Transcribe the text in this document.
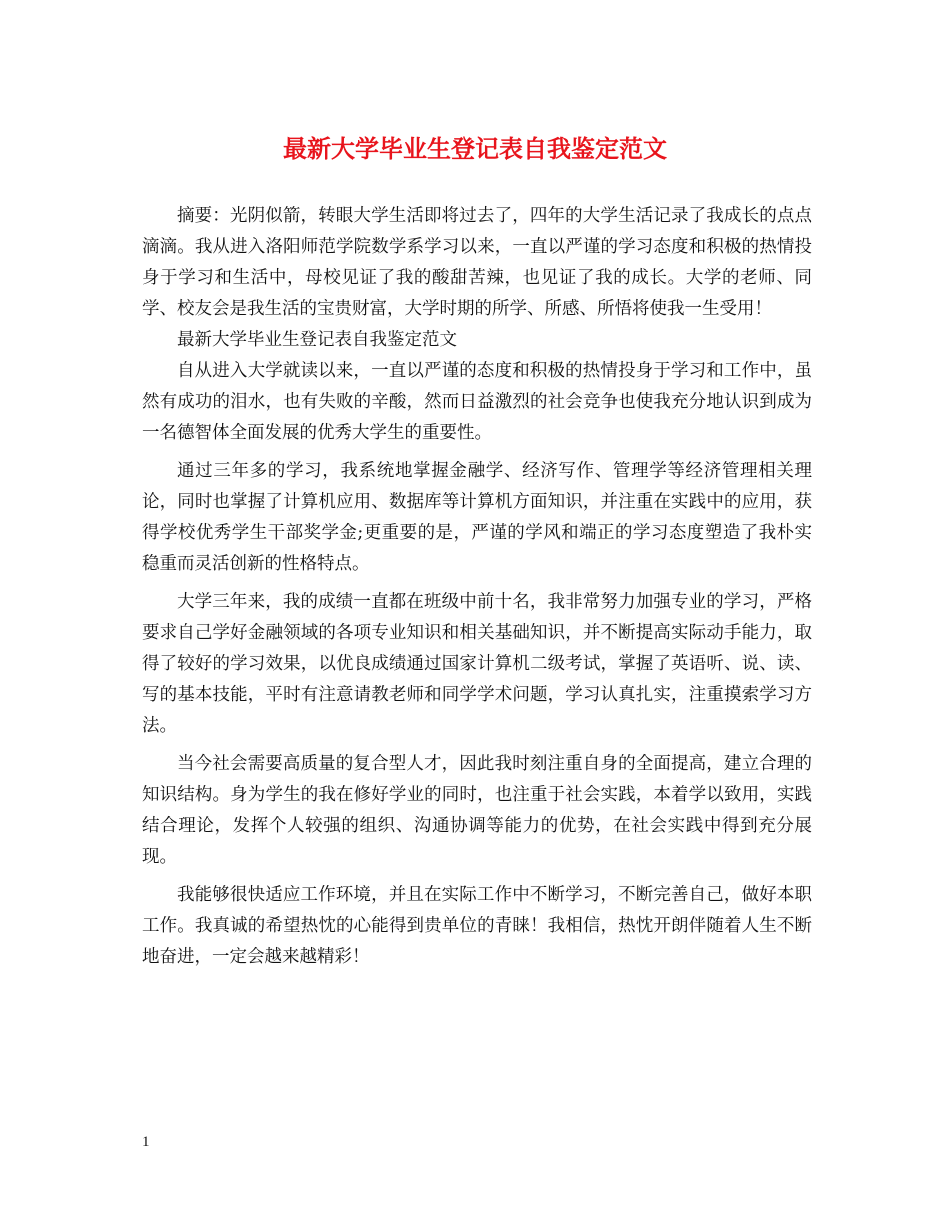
最新大学毕业生登记表自我鉴定范文

摘要：光阴似箭，转眼大学生活即将过去了，四年的大学生活记录了我成长的点点滴滴。我从进入洛阳师范学院数学系学习以来，一直以严谨的学习态度和积极的热情投身于学习和生活中，母校见证了我的酸甜苦辣，也见证了我的成长。大学的老师、同学、校友会是我生活的宝贵财富，大学时期的所学、所感、所悟将使我一生受用！

最新大学毕业生登记表自我鉴定范文

自从进入大学就读以来，一直以严谨的态度和积极的热情投身于学习和工作中，虽然有成功的泪水，也有失败的辛酸，然而日益激烈的社会竞争也使我充分地认识到成为一名德智体全面发展的优秀大学生的重要性。

通过三年多的学习，我系统地掌握金融学、经济写作、管理学等经济管理相关理论，同时也掌握了计算机应用、数据库等计算机方面知识，并注重在实践中的应用，获得学校优秀学生干部奖学金;更重要的是，严谨的学风和端正的学习态度塑造了我朴实稳重而灵活创新的性格特点。

大学三年来，我的成绩一直都在班级中前十名，我非常努力加强专业的学习，严格要求自己学好金融领域的各项专业知识和相关基础知识，并不断提高实际动手能力，取得了较好的学习效果，以优良成绩通过国家计算机二级考试，掌握了英语听、说、读、写的基本技能，平时有注意请教老师和同学学术问题，学习认真扎实，注重摸索学习方法。

当今社会需要高质量的复合型人才，因此我时刻注重自身的全面提高，建立合理的知识结构。身为学生的我在修好学业的同时，也注重于社会实践，本着学以致用，实践结合理论，发挥个人较强的组织、沟通协调等能力的优势，在社会实践中得到充分展现。

我能够很快适应工作环境，并且在实际工作中不断学习，不断完善自己，做好本职工作。我真诚的希望热忱的心能得到贵单位的青睐！我相信，热忱开朗伴随着人生不断地奋进，一定会越来越精彩！

1
